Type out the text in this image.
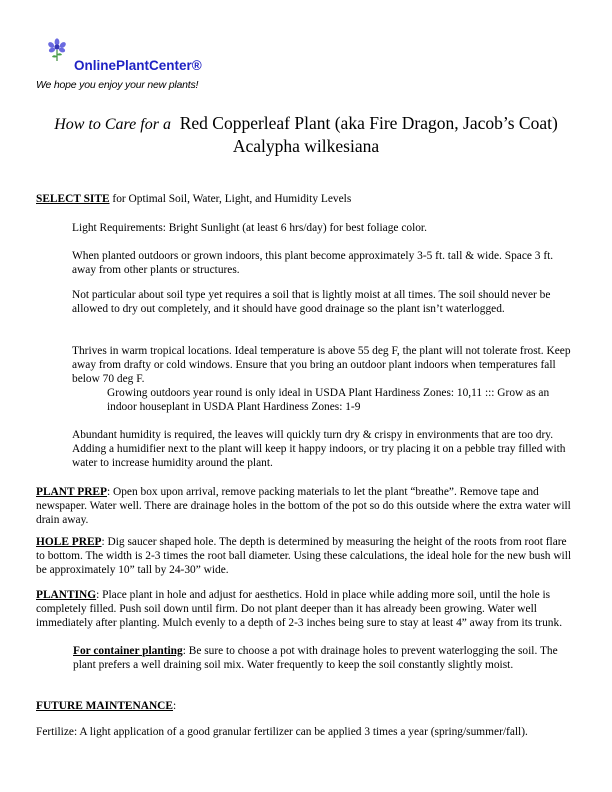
OnlinePlantCenter®
We hope you enjoy your new plants!
How to Care for a Red Copperleaf Plant (aka Fire Dragon, Jacob’s Coat)
Acalypha wilkesiana

SELECT SITE for Optimal Soil, Water, Light, and Humidity Levels

Light Requirements: Bright Sunlight (at least 6 hrs/day) for best foliage color.

When planted outdoors or grown indoors, this plant become approximately 3-5 ft. tall & wide. Space 3 ft. away from other plants or structures.

Not particular about soil type yet requires a soil that is lightly moist at all times. The soil should never be allowed to dry out completely, and it should have good drainage so the plant isn’t waterlogged.

Thrives in warm tropical locations. Ideal temperature is above 55 deg F, the plant will not tolerate frost. Keep away from drafty or cold windows. Ensure that you bring an outdoor plant indoors when temperatures fall below 70 deg F.

Growing outdoors year round is only ideal in USDA Plant Hardiness Zones: 10,11 ::: Grow as an indoor houseplant in USDA Plant Hardiness Zones: 1-9

Abundant humidity is required, the leaves will quickly turn dry & crispy in environments that are too dry. Adding a humidifier next to the plant will keep it happy indoors, or try placing it on a pebble tray filled with water to increase humidity around the plant.

PLANT PREP: Open box upon arrival, remove packing materials to let the plant “breathe”. Remove tape and newspaper. Water well. There are drainage holes in the bottom of the pot so do this outside where the extra water will drain away.

HOLE PREP: Dig saucer shaped hole. The depth is determined by measuring the height of the roots from root flare to bottom. The width is 2-3 times the root ball diameter. Using these calculations, the ideal hole for the new bush will be approximately 10” tall by 24-30” wide.

PLANTING: Place plant in hole and adjust for aesthetics. Hold in place while adding more soil, until the hole is completely filled. Push soil down until firm. Do not plant deeper than it has already been growing. Water well immediately after planting. Mulch evenly to a depth of 2-3 inches being sure to stay at least 4” away from its trunk.

For container planting: Be sure to choose a pot with drainage holes to prevent waterlogging the soil. The plant prefers a well draining soil mix. Water frequently to keep the soil constantly slightly moist.

FUTURE MAINTENANCE:

Fertilize: A light application of a good granular fertilizer can be applied 3 times a year (spring/summer/fall).
